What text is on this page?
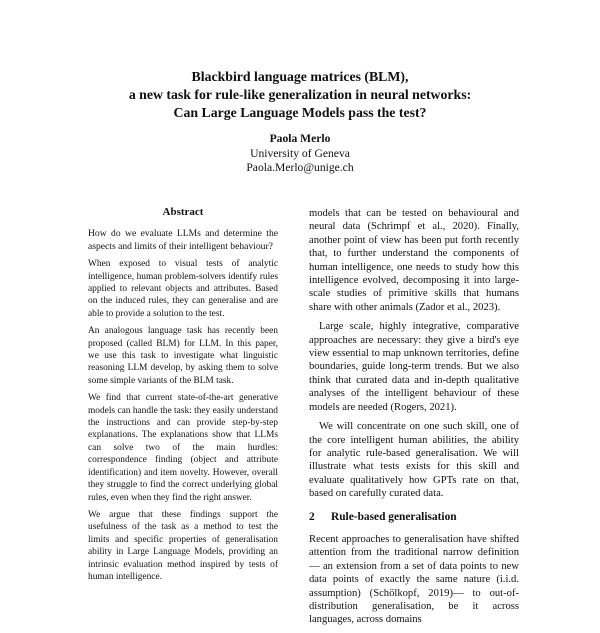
Blackbird language matrices (BLM),
a new task for rule-like generalization in neural networks:
Can Large Language Models pass the test?
Paola Merlo
University of Geneva
Paola.Merlo@unige.ch
Abstract

How do we evaluate LLMs and determine the aspects and limits of their intelligent behaviour?

When exposed to visual tests of analytic intelligence, human problem-solvers identify rules applied to relevant objects and attributes. Based on the induced rules, they can generalise and are able to provide a solution to the test.

An analogous language task has recently been proposed (called BLM) for LLM. In this paper, we use this task to investigate what linguistic reasoning LLM develop, by asking them to solve some simple variants of the BLM task.

We find that current state-of-the-art generative models can handle the task: they easily understand the instructions and can provide step-by-step explanations. The explanations show that LLMs can solve two of the main hurdles: correspondence finding (object and attribute identification) and item novelty. However, overall they struggle to find the correct underlying global rules, even when they find the right answer.

We argue that these findings support the usefulness of the task as a method to test the limits and specific properties of generalisation ability in Large Language Models, providing an intrinsic evaluation method inspired by tests of human intelligence.

models that can be tested on behavioural and neural data (Schrimpf et al., 2020). Finally, another point of view has been put forth recently that, to further understand the components of human intelligence, one needs to study how this intelligence evolved, decomposing it into large-scale studies of primitive skills that humans share with other animals (Zador et al., 2023).

Large scale, highly integrative, comparative approaches are necessary: they give a bird's eye view essential to map unknown territories, define boundaries, guide long-term trends. But we also think that curated data and in-depth qualitative analyses of the intelligent behaviour of these models are needed (Rogers, 2021).

We will concentrate on one such skill, one of the core intelligent human abilities, the ability for analytic rule-based generalisation. We will illustrate what tests exists for this skill and evaluate qualitatively how GPTs rate on that, based on carefully curated data.

2 Rule-based generalisation

Recent approaches to generalisation have shifted attention from the traditional narrow definition — an extension from a set of data points to new data points of exactly the same nature (i.i.d. assumption) (Schölkopf, 2019)— to out-of-distribution generalisation, be it across languages, across domains
